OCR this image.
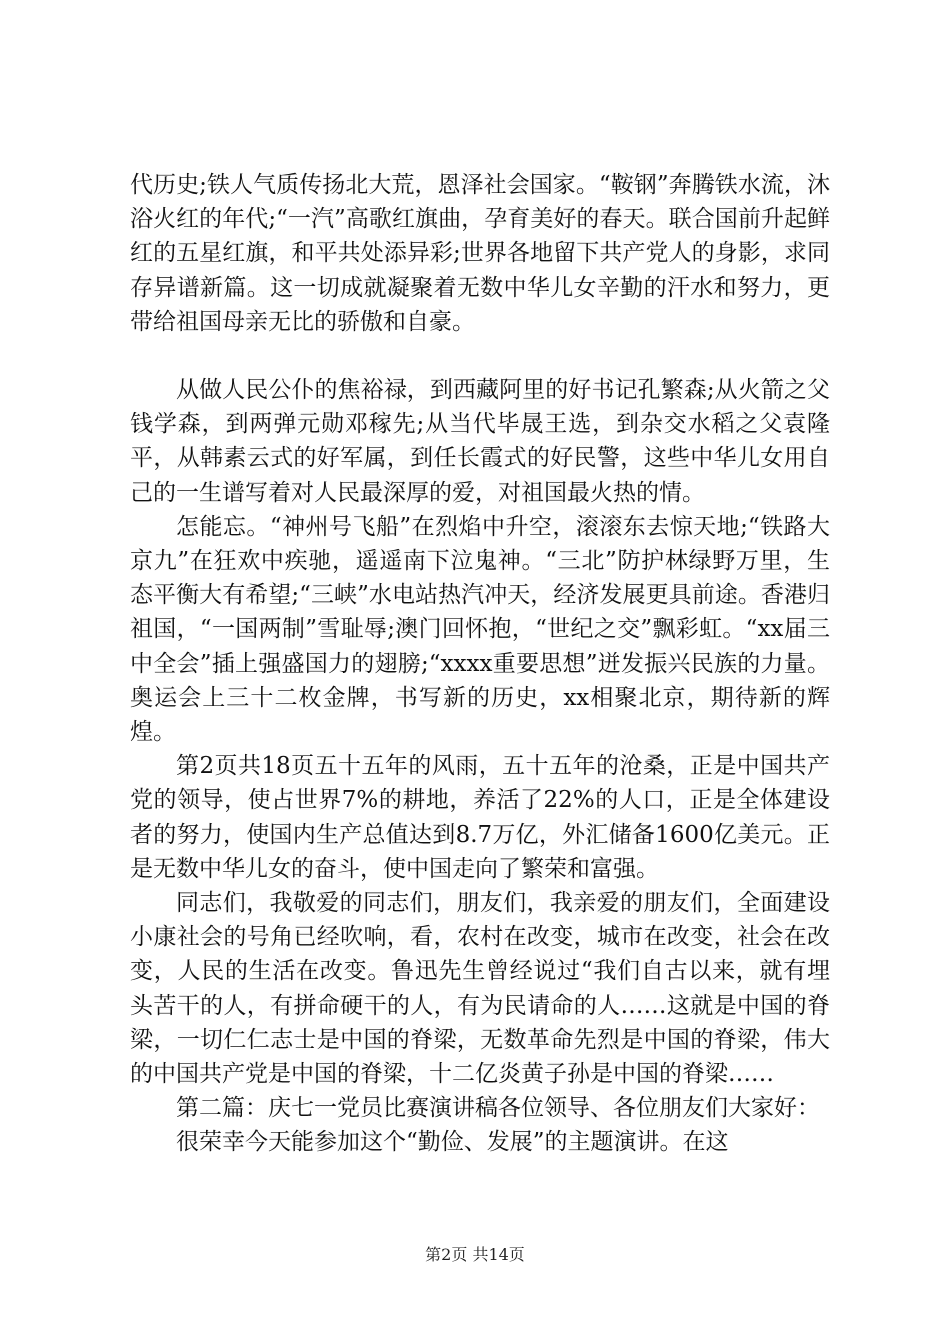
代历史;铁人气质传扬北大荒，恩泽社会国家。“鞍钢”奔腾铁水流，沐浴火红的年代;“一汽”高歌红旗曲，孕育美好的春天。联合国前升起鲜红的五星红旗，和平共处添异彩;世界各地留下共产党人的身影，求同存异谱新篇。这一切成就凝聚着无数中华儿女辛勤的汗水和努力，更带给祖国母亲无比的骄傲和自豪。

从做人民公仆的焦裕禄，到西藏阿里的好书记孔繁森;从火箭之父钱学森，到两弹元勋邓稼先;从当代毕晟王选，到杂交水稻之父袁隆平，从韩素云式的好军属，到任长霞式的好民警，这些中华儿女用自己的一生谱写着对人民最深厚的爱，对祖国最火热的情。

怎能忘。“神州号飞船”在烈焰中升空，滚滚东去惊天地;“铁路大京九”在狂欢中疾驰，遥遥南下泣鬼神。“三北”防护林绿野万里，生态平衡大有希望;“三峡”水电站热汽冲天，经济发展更具前途。香港归祖国，“一国两制”雪耻辱;澳门回怀抱，“世纪之交”飘彩虹。“xx届三中全会”插上强盛国力的翅膀;“xxxx重要思想”迸发振兴民族的力量。奥运会上三十二枚金牌，书写新的历史，xx相聚北京，期待新的辉煌。

第2页共18页五十五年的风雨，五十五年的沧桑，正是中国共产党的领导，使占世界7%的耕地，养活了22%的人口，正是全体建设者的努力，使国内生产总值达到8.7万亿，外汇储备1600亿美元。正是无数中华儿女的奋斗，使中国走向了繁荣和富强。

同志们，我敬爱的同志们，朋友们，我亲爱的朋友们，全面建设小康社会的号角已经吹响，看，农村在改变，城市在改变，社会在改变，人民的生活在改变。鲁迅先生曾经说过“我们自古以来，就有埋头苦干的人，有拼命硬干的人，有为民请命的人……这就是中国的脊梁，一切仁仁志士是中国的脊梁，无数革命先烈是中国的脊梁，伟大的中国共产党是中国的脊梁，十二亿炎黄子孙是中国的脊梁……

第二篇：庆七一党员比赛演讲稿各位领导、各位朋友们大家好：

很荣幸今天能参加这个“勤俭、发展”的主题演讲。在这

第2页 共14页
